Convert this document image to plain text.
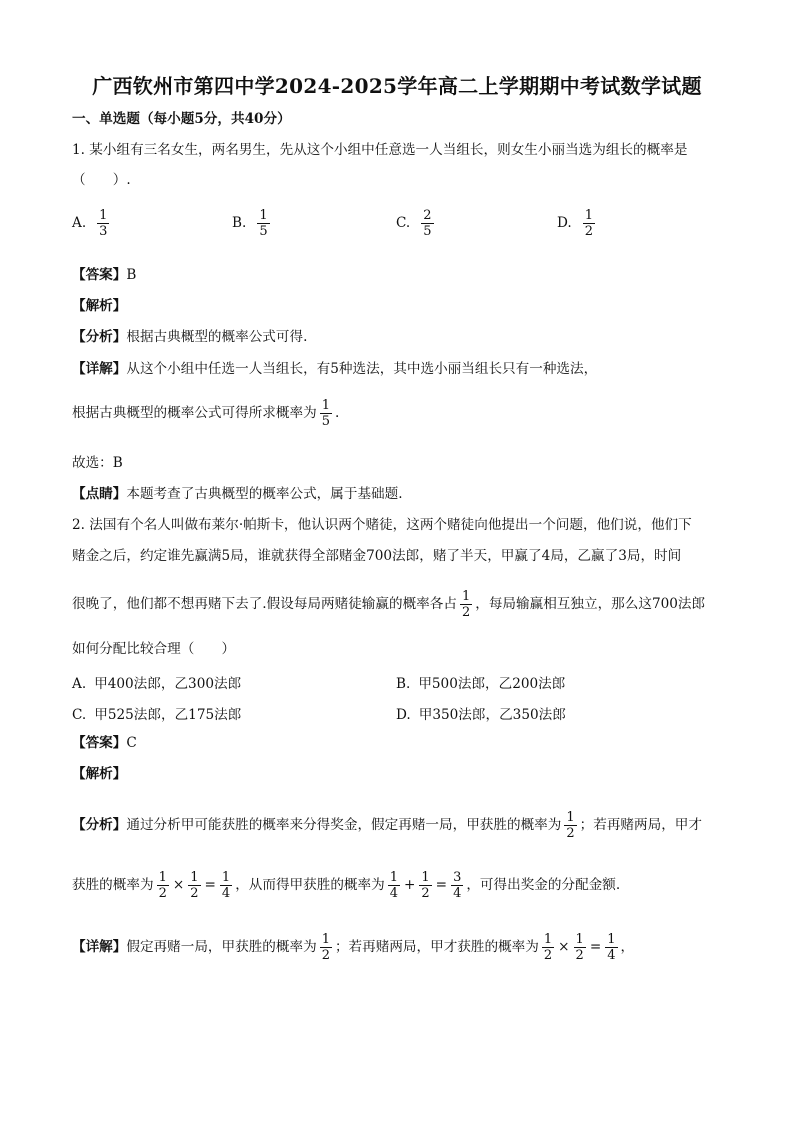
广西钦州市第四中学2024-2025学年高二上学期期中考试数学试题
一、单选题（每小题5分，共40分）
1. 某小组有三名女生，两名男生，先从这个小组中任意选一人当组长，则女生小丽当选为组长的概率是
（　　）.
A. $\frac{1}{3}$	B. $\frac{1}{5}$	C. $\frac{2}{5}$	D. $\frac{1}{2}$
【答案】B
【解析】
【分析】根据古典概型的概率公式可得.
【详解】从这个小组中任选一人当组长，有5种选法，其中选小丽当组长只有一种选法，
根据古典概型的概率公式可得所求概率为 $\frac{1}{5}$ .
故选：B
【点睛】本题考查了古典概型的概率公式，属于基础题.
2. 法国有个名人叫做布莱尔·帕斯卡，他认识两个赌徒，这两个赌徒向他提出一个问题，他们说，他们下
赌金之后，约定谁先赢满5局，谁就获得全部赌金700法郎，赌了半天，甲赢了4局，乙赢了3局，时间
很晚了，他们都不想再赌下去了.假设每局两赌徒输赢的概率各占 $\frac{1}{2}$ ，每局输赢相互独立，那么这700法郎
如何分配比较合理（　　）
A. 甲400法郎，乙300法郎	B. 甲500法郎，乙200法郎
C. 甲525法郎，乙175法郎	D. 甲350法郎，乙350法郎
【答案】C
【解析】
【分析】通过分析甲可能获胜的概率来分得奖金，假定再赌一局，甲获胜的概率为 $\frac{1}{2}$ ；若再赌两局，甲才
获胜的概率为 $\frac{1}{2} \times \frac{1}{2} = \frac{1}{4}$ ，从而得甲获胜的概率为 $\frac{1}{4} + \frac{1}{2} = \frac{3}{4}$ ，可得出奖金的分配金额.
【详解】假定再赌一局，甲获胜的概率为 $\frac{1}{2}$ ；若再赌两局，甲才获胜的概率为 $\frac{1}{2} \times \frac{1}{2} = \frac{1}{4}$ ，
